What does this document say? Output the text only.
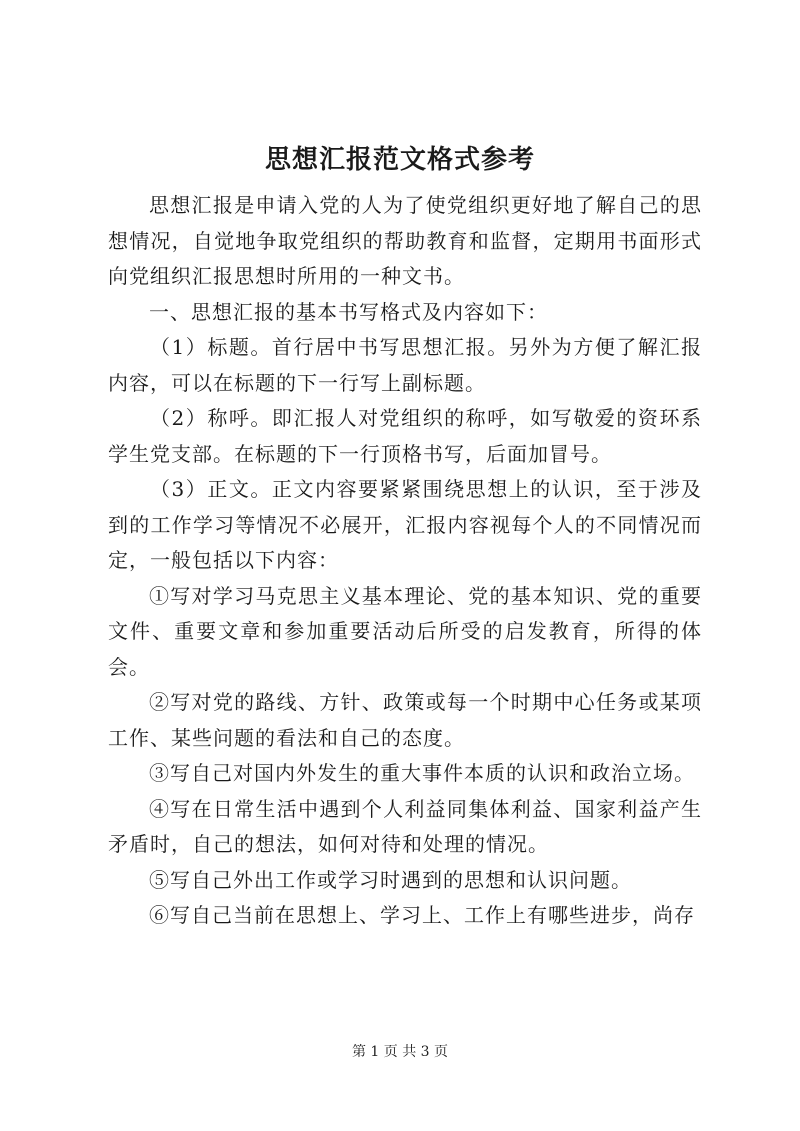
思想汇报范文格式参考

思想汇报是申请入党的人为了使党组织更好地了解自己的思想情况，自觉地争取党组织的帮助教育和监督，定期用书面形式向党组织汇报思想时所用的一种文书。

一、思想汇报的基本书写格式及内容如下：

（1）标题。首行居中书写思想汇报。另外为方便了解汇报内容，可以在标题的下一行写上副标题。

（2）称呼。即汇报人对党组织的称呼，如写敬爱的资环系学生党支部。在标题的下一行顶格书写，后面加冒号。

（3）正文。正文内容要紧紧围绕思想上的认识，至于涉及到的工作学习等情况不必展开，汇报内容视每个人的不同情况而定，一般包括以下内容：

①写对学习马克思主义基本理论、党的基本知识、党的重要文件、重要文章和参加重要活动后所受的启发教育，所得的体会。

②写对党的路线、方针、政策或每一个时期中心任务或某项工作、某些问题的看法和自己的态度。

③写自己对国内外发生的重大事件本质的认识和政治立场。

④写在日常生活中遇到个人利益同集体利益、国家利益产生矛盾时，自己的想法，如何对待和处理的情况。

⑤写自己外出工作或学习时遇到的思想和认识问题。

⑥写自己当前在思想上、学习上、工作上有哪些进步，尚存

第 1 页 共 3 页
